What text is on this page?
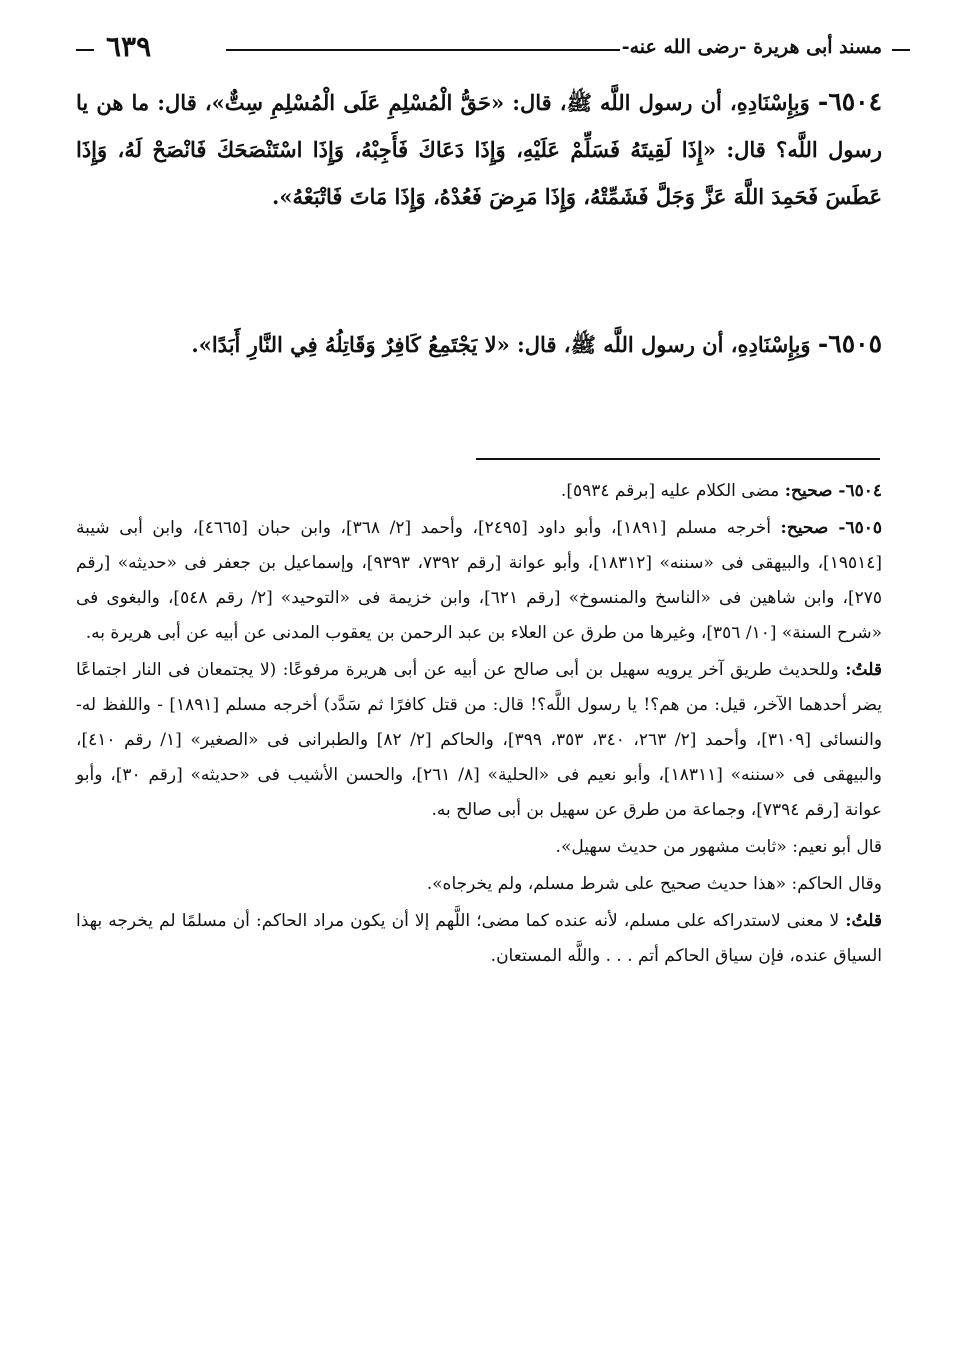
مسند أبى هريرة -رضى الله عنه-
٦٣٩
٦٥٠٤- وَبِإِسْنَادِهِ، أن رسول اللَّه ﷺ، قال: «حَقُّ الْمُسْلِمِ عَلَى الْمُسْلِمِ سِتٌّ»، قال: ما هن يا رسول اللَّه؟ قال: «إِذَا لَقِيتَهُ فَسَلِّمْ عَلَيْهِ، وَإِذَا دَعَاكَ فَأَجِبْهُ، وَإِذَا اسْتَنْصَحَكَ فَانْصَحْ لَهُ، وَإِذَا عَطَسَ فَحَمِدَ اللَّهَ عَزَّ وَجَلَّ فَشَمِّتْهُ، وَإِذَا مَرِضَ فَعُدْهُ، وَإِذَا مَاتَ فَاتْبَعْهُ».
٦٥٠٥- وَبِإِسْنَادِهِ، أن رسول اللَّه ﷺ، قال: «لا يَجْتَمِعُ كَافِرٌ وَقَاتِلُهُ فِي النَّارِ أَبَدًا».

٦٥٠٤- صحيح: مضى الكلام عليه [برقم ٥٩٣٤].

٦٥٠٥- صحيح: أخرجه مسلم [١٨٩١]، وأبو داود [٢٤٩٥]، وأحمد [٢/ ٣٦٨]، وابن حبان [٤٦٦٥]، وابن أبى شيبة [١٩٥١٤]، والبيهقى فى «سننه» [١٨٣١٢]، وأبو عوانة [رقم ٧٣٩٢، ٩٣٩٣]، وإسماعيل بن جعفر فى «حديثه» [رقم ٢٧٥]، وابن شاهين فى «الناسخ والمنسوخ» [رقم ٦٢١]، وابن خزيمة فى «التوحيد» [٢/ رقم ٥٤٨]، والبغوى فى «شرح السنة» [١٠/ ٣٥٦]، وغيرها من طرق عن العلاء بن عبد الرحمن بن يعقوب المدنى عن أبيه عن أبى هريرة به.

قلتُ: وللحديث طريق آخر يرويه سهيل بن أبى صالح عن أبيه عن أبى هريرة مرفوعًا: (لا يجتمعان فى النار اجتماعًا يضر أحدهما الآخر، قيل: من هم؟! يا رسول اللَّه؟! قال: من قتل كافرًا ثم سَدَّد) أخرجه مسلم [١٨٩١] - واللفظ له- والنسائى [٣١٠٩]، وأحمد [٢/ ٢٦٣، ٣٤٠، ٣٥٣، ٣٩٩]، والحاكم [٢/ ٨٢] والطبرانى فى «الصغير» [١/ رقم ٤١٠]، والبيهقى فى «سننه» [١٨٣١١]، وأبو نعيم فى «الحلية» [٨/ ٢٦١]، والحسن الأشيب فى «حديثه» [رقم ٣٠]، وأبو عوانة [رقم ٧٣٩٤]، وجماعة من طرق عن سهيل بن أبى صالح به.

قال أبو نعيم: «ثابت مشهور من حديث سهيل».

وقال الحاكم: «هذا حديث صحيح على شرط مسلم، ولم يخرجاه».

قلتُ: لا معنى لاستدراكه على مسلم، لأنه عنده كما مضى؛ اللَّهم إلا أن يكون مراد الحاكم: أن مسلمًا لم يخرجه بهذا السياق عنده، فإن سياق الحاكم أتم . . . واللَّه المستعان.
